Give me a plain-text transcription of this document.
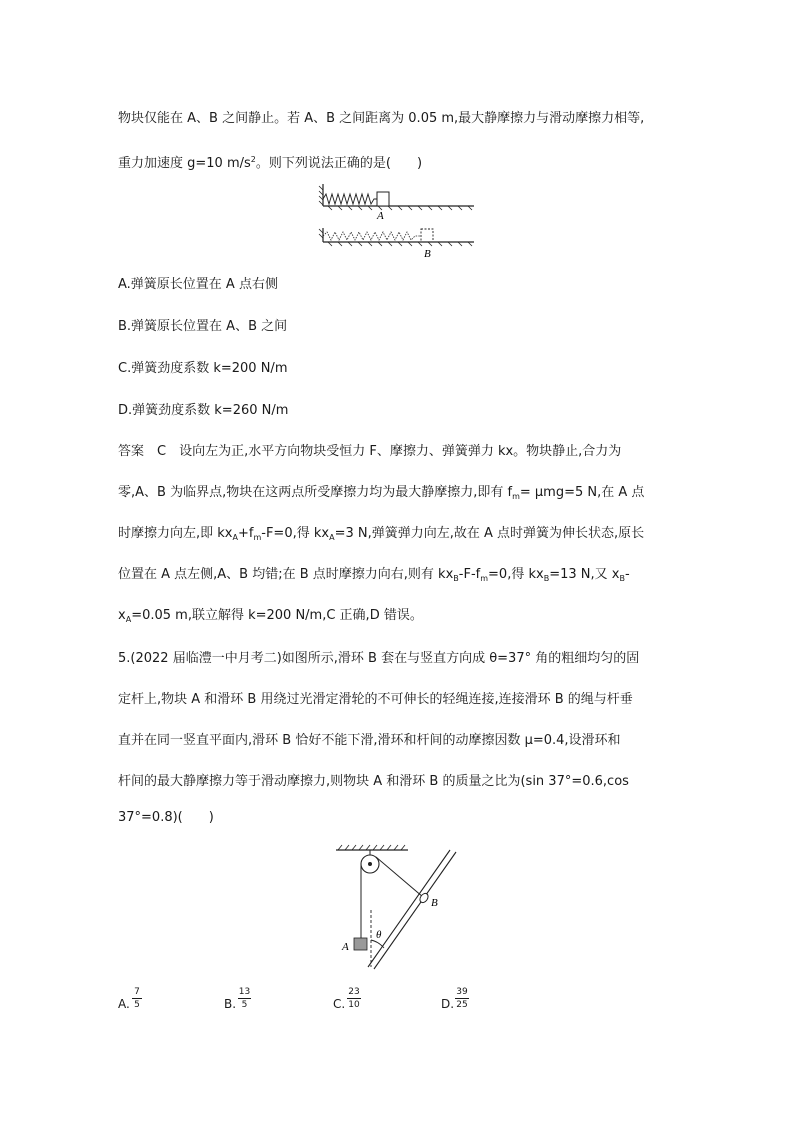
物块仅能在 A、B 之间静止。若 A、B 之间距离为 0.05 m,最大静摩擦力与滑动摩擦力相等,
重力加速度 g=10 $m/s^2$。则下列说法正确的是(　　)
A
B
A.弹簧原长位置在 A 点右侧
B.弹簧原长位置在 A、B 之间
C.弹簧劲度系数 k=200 N/m
D.弹簧劲度系数 k=260 N/m
答案　C　设向左为正,水平方向物块受恒力 F、摩擦力、弹簧弹力 kx。物块静止,合力为
零,A、B 为临界点,物块在这两点所受摩擦力均为最大静摩擦力,即有 $f_m= \mu mg=5$ N,在 A 点
时摩擦力向左,即 $kx_A+f_m-F=0$,得 $kx_A=3$ N,弹簧弹力向左,故在 A 点时弹簧为伸长状态,原长
位置在 A 点左侧,A、B 均错;在 B 点时摩擦力向右,则有 $kx_B-F-f_m=0$,得 $kx_B=13$ N,又 $x_B-$
$x_A=0.05$ m,联立解得 k=200 N/m,C 正确,D 错误。
5.(2022 届临澧一中月考二)如图所示,滑环 B 套在与竖直方向成 θ=37° 角的粗细均匀的固
定杆上,物块 A 和滑环 B 用绕过光滑定滑轮的不可伸长的轻绳连接,连接滑环 B 的绳与杆垂
直并在同一竖直平面内,滑环 B 恰好不能下滑,滑环和杆间的动摩擦因数 μ=0.4,设滑环和
杆间的最大静摩擦力等于滑动摩擦力,则物块 A 和滑环 B 的质量之比为(sin 37°=0.6,cos
37°=0.8)(　　)
A
B
θ
A.
7
5	B.
13
5	C.
23
10	D.
39
25
